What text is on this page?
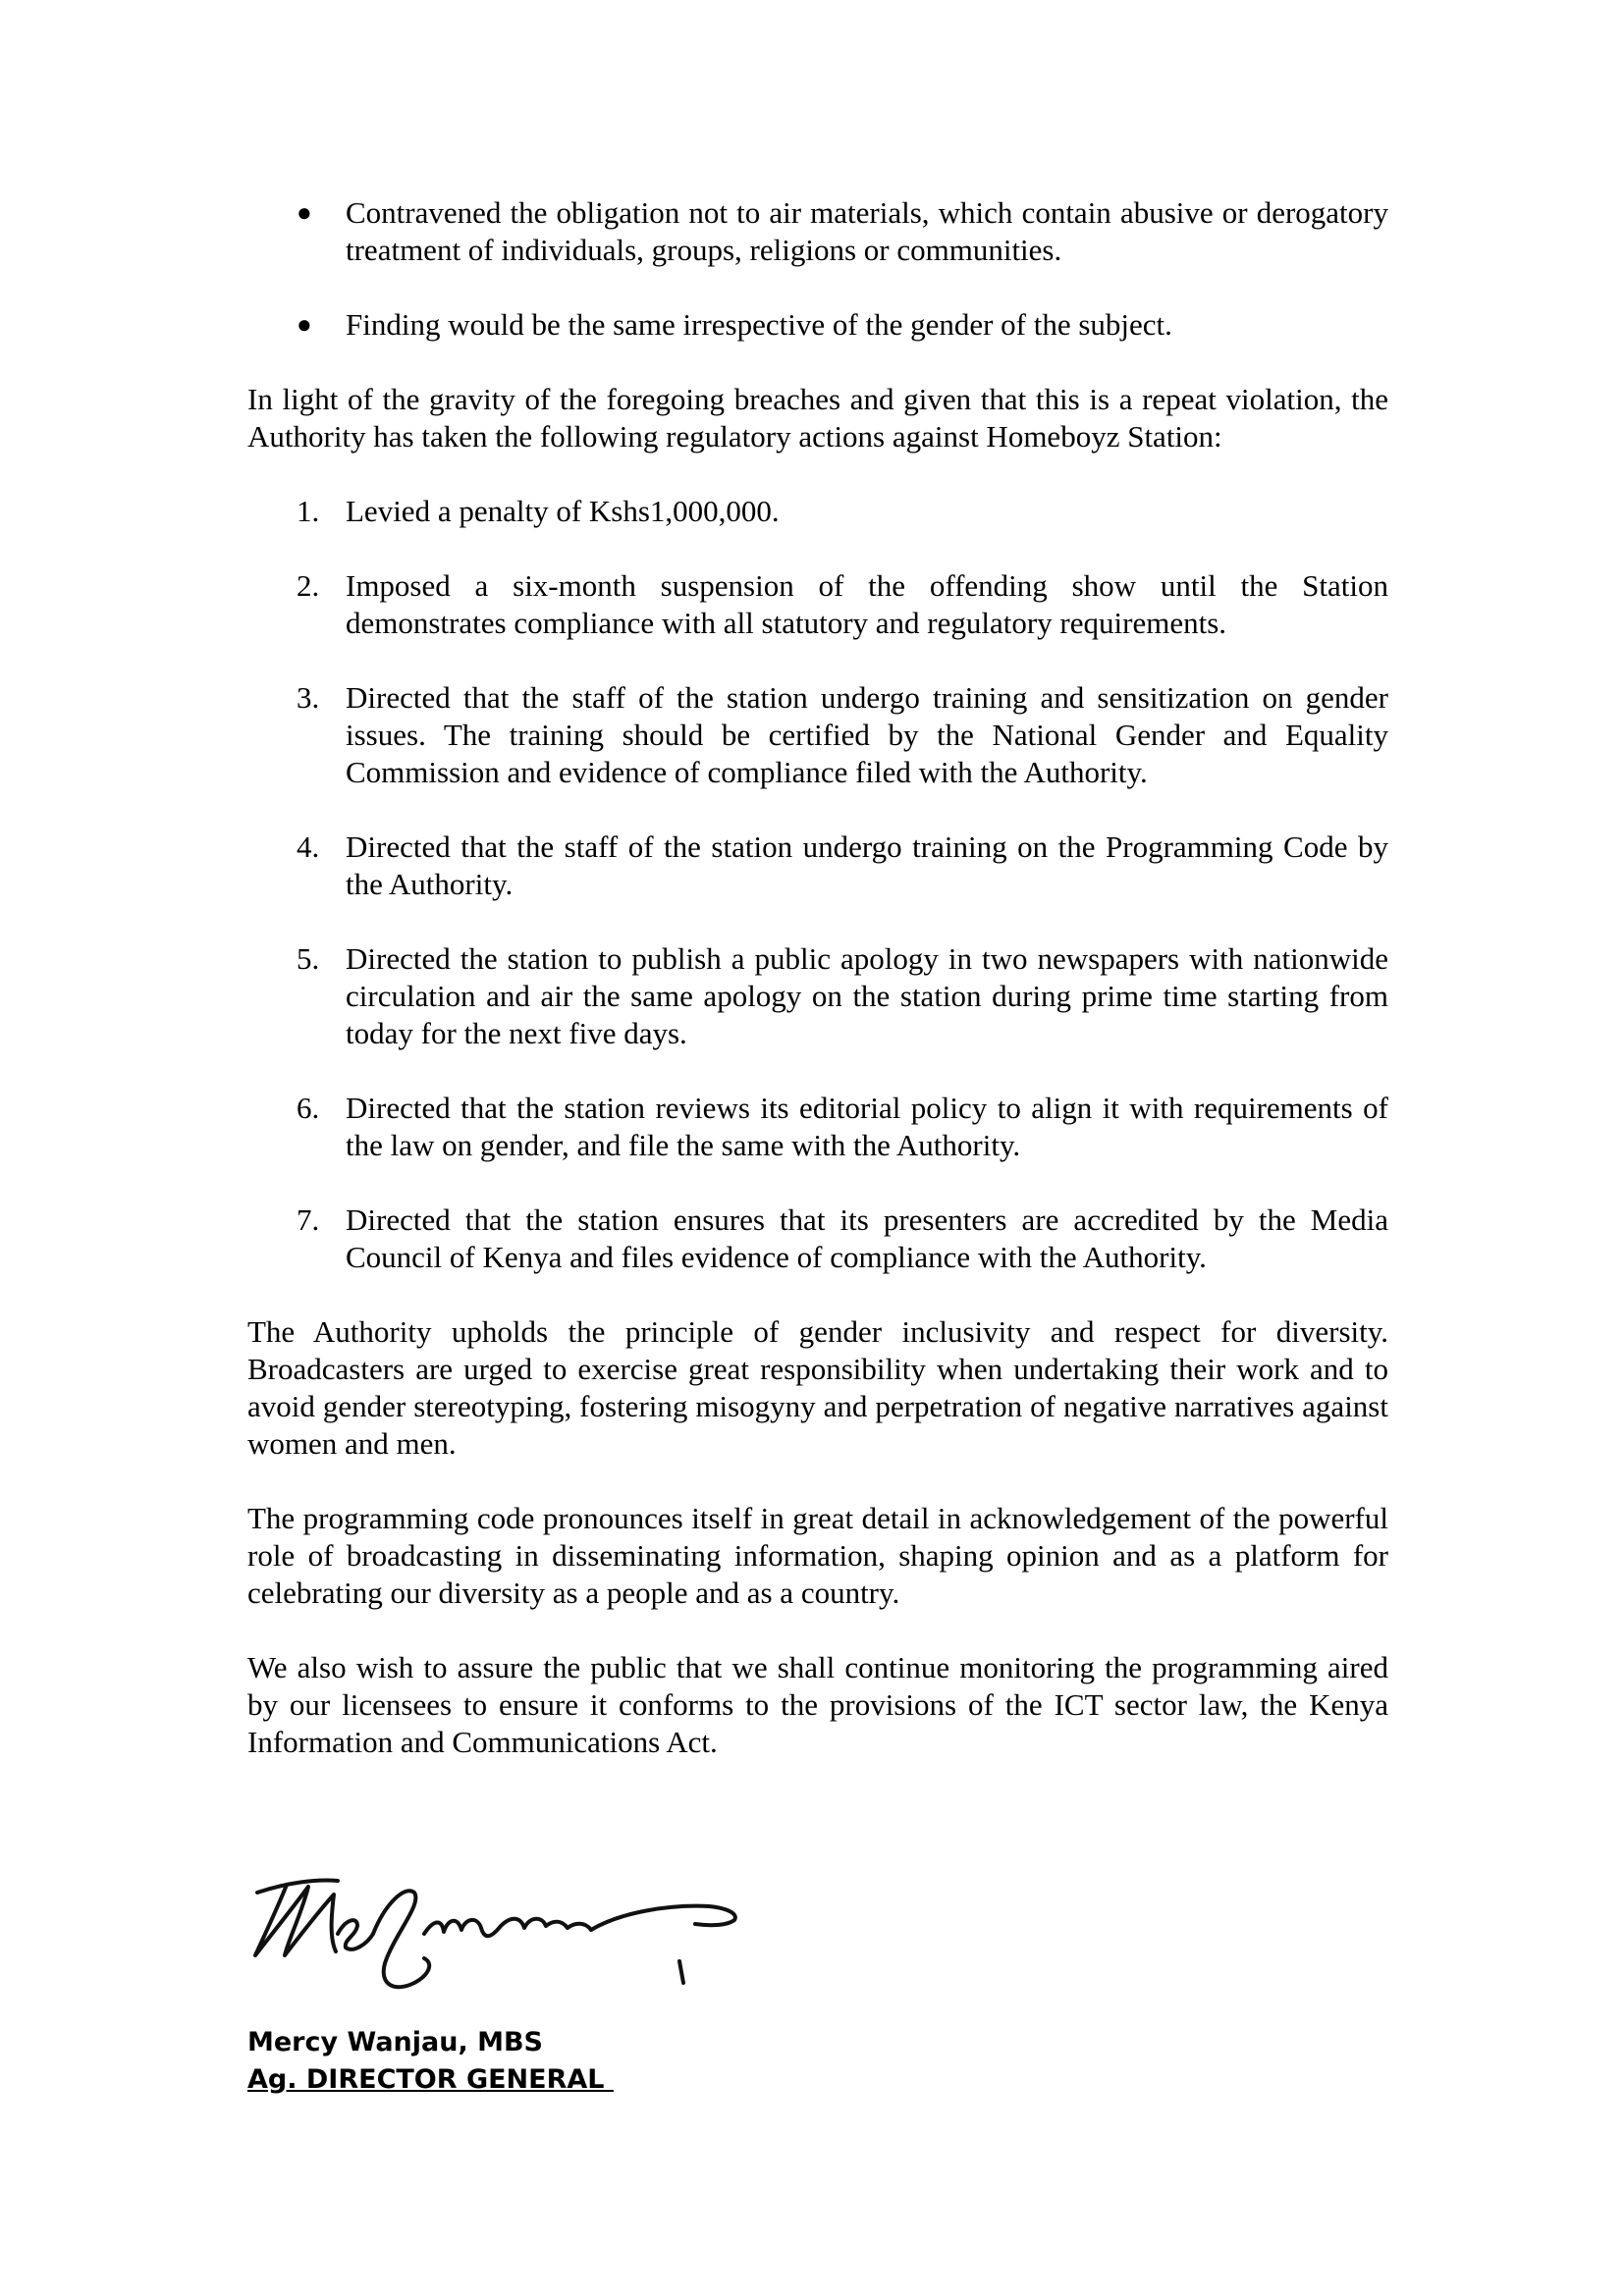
● Contravened the obligation not to air materials, which contain abusive or derogatory treatment of individuals, groups, religions or communities.
● Finding would be the same irrespective of the gender of the subject.

In light of the gravity of the foregoing breaches and given that this is a repeat violation, the Authority has taken the following regulatory actions against Homeboyz Station:

1. Levied a penalty of Kshs1,000,000.
2. Imposed a six-month suspension of the offending show until the Station demonstrates compliance with all statutory and regulatory requirements.
3. Directed that the staff of the station undergo training and sensitization on gender issues. The training should be certified by the National Gender and Equality Commission and evidence of compliance filed with the Authority.
4. Directed that the staff of the station undergo training on the Programming Code by the Authority.
5. Directed the station to publish a public apology in two newspapers with nationwide circulation and air the same apology on the station during prime time starting from today for the next five days.
6. Directed that the station reviews its editorial policy to align it with requirements of the law on gender, and file the same with the Authority.
7. Directed that the station ensures that its presenters are accredited by the Media Council of Kenya and files evidence of compliance with the Authority.

The Authority upholds the principle of gender inclusivity and respect for diversity. Broadcasters are urged to exercise great responsibility when undertaking their work and to avoid gender stereotyping, fostering misogyny and perpetration of negative narratives against women and men.

The programming code pronounces itself in great detail in acknowledgement of the powerful role of broadcasting in disseminating information, shaping opinion and as a platform for celebrating our diversity as a people and as a country.

We also wish to assure the public that we shall continue monitoring the programming aired by our licensees to ensure it conforms to the provisions of the ICT sector law, the Kenya Information and Communications Act.

Mercy Wanjau, MBS
Ag. DIRECTOR GENERAL
